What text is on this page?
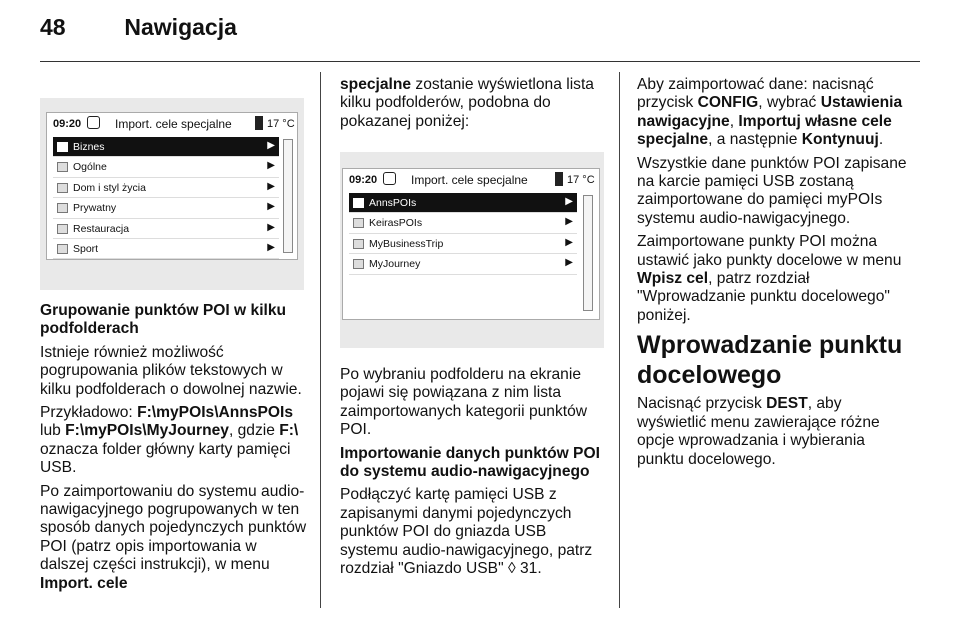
48	Nawigacja
09:20	Import. cele specjalne	17 °C
Biznes	▶
Ogólne	▶
Dom i styl życia	▶
Prywatny	▶
Restauracja	▶
Sport	▶

Grupowanie punktów POI w kilku podfolderach

Istnieje również możliwość pogrupowania plików tekstowych w kilku podfolderach o dowolnej nazwie.

Przykładowo: F:\myPOIs\AnnsPOIs lub F:\myPOIs\MyJourney, gdzie F:\ oznacza folder główny karty pamięci USB.

Po zaimportowaniu do systemu audio-nawigacyjnego pogrupowanych w ten sposób danych pojedynczych punktów POI (patrz opis importowania w dalszej części instrukcji), w menu Import. cele

specjalne zostanie wyświetlona lista kilku podfolderów, podobna do pokazanej poniżej:

09:20	Import. cele specjalne	17 °C
AnnsPOIs	▶
KeirasPOIs	▶
MyBusinessTrip	▶
MyJourney	▶

Po wybraniu podfolderu na ekranie pojawi się powiązana z nim lista zaimportowanych kategorii punktów POI.

Importowanie danych punktów POI do systemu audio-nawigacyjnego

Podłączyć kartę pamięci USB z zapisanymi danymi pojedynczych punktów POI do gniazda USB systemu audio-nawigacyjnego, patrz rozdział "Gniazdo USB" ◊ 31.

Aby zaimportować dane: nacisnąć przycisk CONFIG, wybrać Ustawienia nawigacyjne, Importuj własne cele specjalne, a następnie Kontynuuj.

Wszystkie dane punktów POI zapisane na karcie pamięci USB zostaną zaimportowane do pamięci myPOIs systemu audio-nawigacyjnego.

Zaimportowane punkty POI można ustawić jako punkty docelowe w menu Wpisz cel, patrz rozdział "Wprowadzanie punktu docelowego" poniżej.

Wprowadzanie punktu docelowego

Nacisnąć przycisk DEST, aby wyświetlić menu zawierające różne opcje wprowadzania i wybierania punktu docelowego.
